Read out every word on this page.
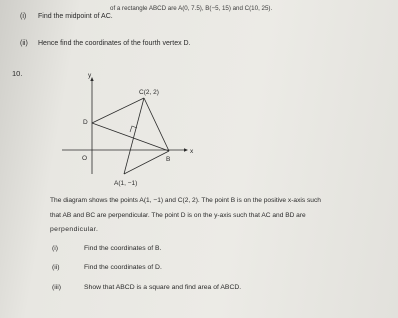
of a rectangle ABCD are A(0, 7.5), B(−5, 15) and C(10, 25).
(i) Find the midpoint of AC.
(ii) Hence find the coordinates of the fourth vertex D.
10.	y
x
O
C(2, 2)
D
B
A(1, −1)
The diagram shows the points A(1, −1) and C(2, 2). The point B is on the positive x-axis such
that AB and BC are perpendicular. The point D is on the y-axis such that AC and BD are
perpendicular.
(i)	Find the coordinates of B.
(ii)	Find the coordinates of D.
(iii)	Show that ABCD is a square and find area of ABCD.
